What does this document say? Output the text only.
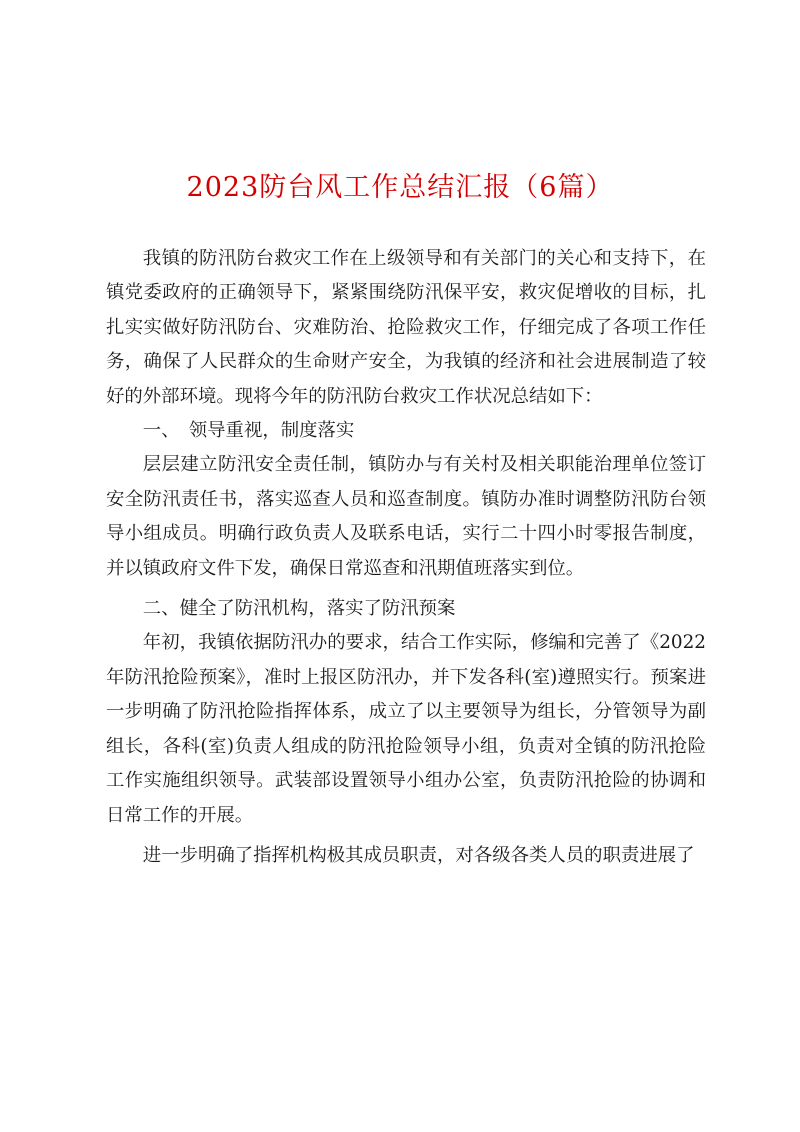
2023防台风工作总结汇报（6篇）

我镇的防汛防台救灾工作在上级领导和有关部门的关心和支持下，在镇党委政府的正确领导下，紧紧围绕防汛保平安，救灾促增收的目标，扎扎实实做好防汛防台、灾难防治、抢险救灾工作，仔细完成了各项工作任务，确保了人民群众的生命财产安全，为我镇的经济和社会进展制造了较好的外部环境。现将今年的防汛防台救灾工作状况总结如下：

一、　领导重视，制度落实

层层建立防汛安全责任制，镇防办与有关村及相关职能治理单位签订安全防汛责任书，落实巡查人员和巡查制度。镇防办准时调整防汛防台领导小组成员。明确行政负责人及联系电话，实行二十四小时零报告制度，并以镇政府文件下发，确保日常巡查和汛期值班落实到位。

二、健全了防汛机构，落实了防汛预案

年初，我镇依据防汛办的要求，结合工作实际，修编和完善了《2022年防汛抢险预案》，准时上报区防汛办，并下发各科(室)遵照实行。预案进一步明确了防汛抢险指挥体系，成立了以主要领导为组长，分管领导为副组长，各科(室)负责人组成的防汛抢险领导小组，负责对全镇的防汛抢险工作实施组织领导。武装部设置领导小组办公室，负责防汛抢险的协调和日常工作的开展。

进一步明确了指挥机构极其成员职责，对各级各类人员的职责进展了
